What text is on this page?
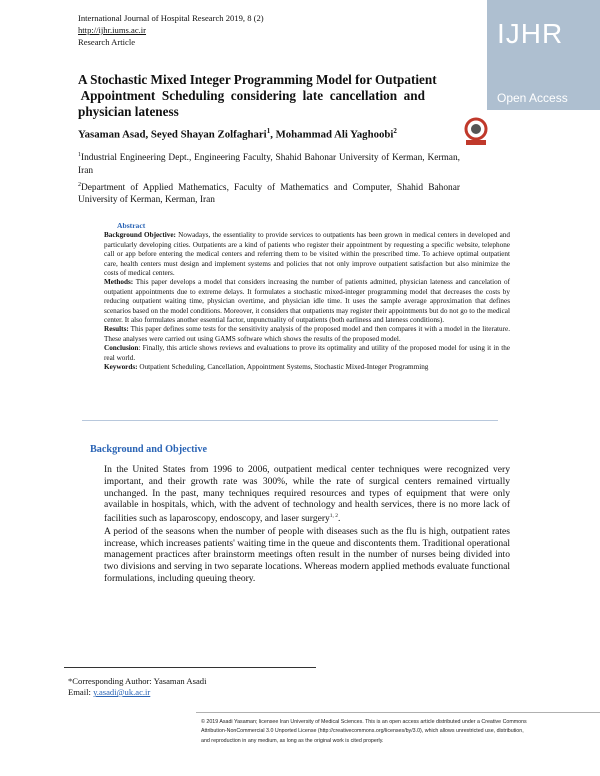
International Journal of Hospital Research 2019, 8 (2)
http://ijhr.iums.ac.ir
Research Article	IJHR
Open Access
A Stochastic Mixed Integer Programming Model for Outpatient
Appointment  Scheduling  considering  late  cancellation  and
physician lateness
Yasaman Asad, Seyed Shayan Zolfaghari$^1$, Mohammad Ali Yaghoobi$^2$

$^1$Industrial Engineering Dept., Engineering Faculty, Shahid Bahonar University of Kerman, Kerman, Iran

$^2$Department of Applied Mathematics, Faculty of Mathematics and Computer, Shahid Bahonar University of Kerman, Kerman, Iran

Abstract

Background Objective: Nowadays, the essentiality to provide services to outpatients has been grown in medical centers in developed and particularly developing cities. Outpatients are a kind of patients who register their appointment by requesting a specific website, telephone call or app before entering the medical centers and referring them to be visited within the prescribed time. To achieve optimal outpatient care, health centers must design and implement systems and policies that not only improve outpatient satisfaction but also minimize the costs of medical centers.

Methods: This paper develops a model that considers increasing the number of patients admitted, physician lateness and cancelation of outpatient appointments due to extreme delays. It formulates a stochastic mixed-integer programming model that decreases the costs by reducing outpatient waiting time, physician overtime, and physician idle time. It uses the sample average approximation that defines scenarios based on the model conditions. Moreover, it considers that outpatients may register their appointments but do not go to the medical center. It also formulates another essential factor, unpunctuality of outpatients (both earliness and lateness conditions).

Results: This paper defines some tests for the sensitivity analysis of the proposed model and then compares it with a model in the literature. These analyses were carried out using GAMS software which shows the results of the proposed model.

Conclusion: Finally, this article shows reviews and evaluations to prove its optimality and utility of the proposed model for using it in the real world.

Keywords: Outpatient Scheduling, Cancellation, Appointment Systems, Stochastic Mixed-Integer Programming

Background and Objective

In the United States from 1996 to 2006, outpatient medical center techniques were recognized very important, and their growth rate was 300%, while the rate of surgical centers remained virtually unchanged. In the past, many techniques required resources and types of equipment that were only available in hospitals, which, with the advent of technology and health services, there is no more lack of facilities such as laparoscopy, endoscopy, and laser surgery$^{1, 2}$.

A period of the seasons when the number of people with diseases such as the flu is high, outpatient rates increase, which increases patients' waiting time in the queue and discontents them. Traditional operational management practices after brainstorm meetings often result in the number of nurses being divided into two divisions and serving in two separate locations. Whereas modern applied methods evaluate functional formulations, including queuing theory.

*Corresponding Author: Yasaman Asadi
Email: y.asadi@uk.ac.ir
© 2019 Asadi Yasaman; licensee Iran University of Medical Sciences. This is an open access article distributed under a Creative Commons
Attribution-NonCommercial 3.0 Unported License (http://creativecommons.org/licenses/by/3.0), which allows unrestricted use, distribution,
and reproduction in any medium, as long as the original work is cited properly.
